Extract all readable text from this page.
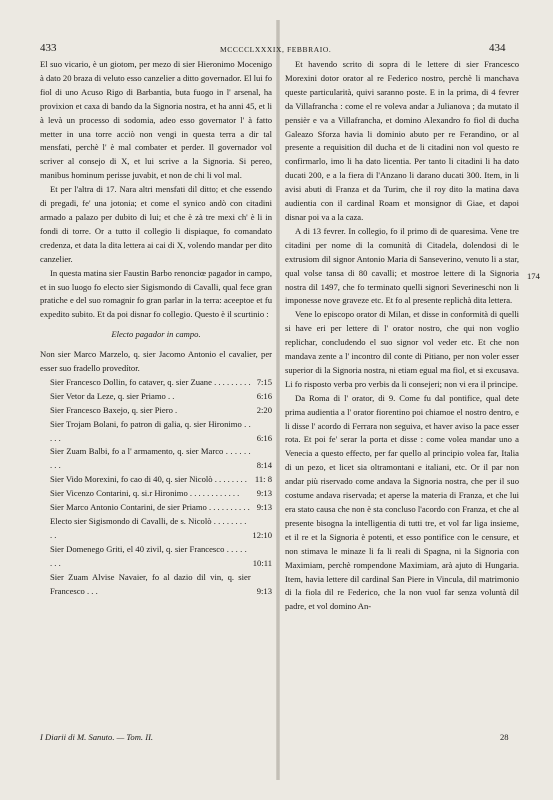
433	MCCCCLXXXIX, FEBBRAIO.	434

El suo vicario, è un giotom, per mezo di sier Hieronimo Mocenigo à dato 20 braza di veluto esso canzelier a ditto governador. El lui fo fiol di uno Acuso Rigo di Barbantia, buta fuogo in l' arsenal, ha provixion et caxa di bando da la Signoria nostra, et ha anni 45, et li à levà un processo di sodomia, adeo esso governator l' à fatto metter in una torre acciò non vengi in questa terra a dir tal mensfati, perchè l' è mal combater et perder. Il governador vol scriver al consejo di X, et lui scrive a la Signoria. Si pereo, manibus hominum perisse juvabit, et non de chi li vol mal.

Et per l'altra di 17. Nara altri mensfati dil ditto; et che essendo di pregadi, fe' una jotonia; et come el synico andò con citadini armado a palazo per dubito di lui; et che è zà tre mexi ch' è li in fondi di torre. Or a tutto il collegio li dispiaque, fo comandato credenza, et data la dita lettera ai cai di X, volendo mandar per dito canzelier.

In questa matina sier Faustin Barbo renonciœ pagador in campo, et in suo luogo fo electo sier Sigismondo di Cavalli, qual fece gran pratiche e del suo romagnir fo gran parlar in la terra: aceeptoe et fu expedito subito. Et da poi disnar fo collegio. Questo è il scurtinio :

Electo pagador in campo.

Non sier Marco Marzelo, q. sier Jacomo Antonio el cavalier, per esser suo fradello provedítor.

Sier Francesco Dollin, fo cataver, q. sier Zuane . . . . . . . . . 7:15
Sier Vetor da Leze, q. sier Priamo . .	6:16
Sier Francesco Baxejo, q. sier Piero .	2:20
Sier Trojam Bolani, fo patron di galia, q. sier Hironimo . . . . .	6:16
Sier Zuam Balbi, fo a l' armamento, q. sier Marco . . . . . . . . .	8:14
Sier Vido Morexini, fo cao di 40, q. sier Nicolò . . . . . . . . 11: 8
Sier Vicenzo Contarini, q. si.r Hironimo . . . . . . . . . . . .	9:13
Sier Marco Antonio Contarini, de sier Priamo . . . . . . . . . . 9:13
Electo sier Sigismondo di Cavalli, de s. Nicolò . . . . . . . . . .	12:10
Sier Domenego Griti, el 40 zivil, q. sier Francesco . . . . . . . .	10:11
Sier Zuam Alvise Navaier, fo al dazio dil vin, q. sier Francesco . . .	9:13

Et havendo scrito di sopra di le lettere di sier Francesco Morexini dotor orator al re Federico nostro, perchè li manchava queste particularità, quivi saranno poste. E in la prima, di 4 fevrer da Villafrancha : come el re voleva andar a Julianova ; da mutato il pensièr e va a Villafrancha, et domino Alexandro fo fiol di ducha Galeazo Sforza havia li dominio abuto per re Ferandino, or al presente a requisition dil ducha et de li citadini non vol questo re confirmarlo, imo li ha dato licentia. Per tanto li citadini li ha dato ducati 200, e a la fiera di l'Anzano li darano ducati 300. Item, in li avisi abuti di Franza et da Turim, che il roy dito la matina dava audientia con il cardinal Roam et monsignor di Giae, et dapoi disnar poi va a la caza.

A di 13 fevrer. In collegio, fo il primo di de quaresima. Vene tre citadini per nome di la comunità di Citadela, dolendosi di le extrusiom dil signor Antonio Maria di Sanseverino, venuto li a star, qual volse tansa di 80 cavalli; et mostroe lettere di la Signoria nostra dil 1497, che fo terminato quelli signori Severineschi non li imponesse nove graveze etc. Et fo al presente replichà dita lettera.

Vene lo episcopo orator di Milan, et disse in conformità di quelli si have eri per lettere di l' orator nostro, che qui non voglio replichar, concludendo el suo signor vol veder etc. Et che non mandava zente a l' incontro dil conte di Pitiano, per non voler esser superior di la Signoria nostra, ni etiam egual ma fiol, et si excusava. Li fo risposto verba pro verbis da li consejeri; non vi era il principe.

Da Roma di l' orator, di 9. Come fu dal pontifice, qual dete prima audientia a l' orator fiorentino poi chiamoe el nostro dentro, e li disse l' acordo di Ferrara non seguiva, et haver aviso la pace esser rota. Et poi fe' serar la porta et disse : come volea mandar uno a Venecia a questo effecto, per far quello al principio volea far, Italia di un pezo, et licet sia oltramontani e italiani, etc. Or il par non andar più riservado come andava la Signoria nostra, che per il suo costume andava riservada; et aperse la materia di Franza, et che lui era stato causa che non è sta concluso l'acordo con Franza, et che al presente bisogna la intelligentia di tutti tre, et vol far liga insieme, et il re et la Signoria è potenti, et esso pontifice con le censure, et non stimava le minaze li fa li reali di Spagna, ni la Signoria con Maximiam, perchè rompendone Maximiam, arà ajuto di Hungaria. Item, havia lettere dil cardinal San Piere in Vincula, dil matrimonio di la fiola dil re Federico, che la non vuol far senza voluntà dil padre, et vol domino An-

174
I Diarii di M. Sanuto. — Tom. II.	28
